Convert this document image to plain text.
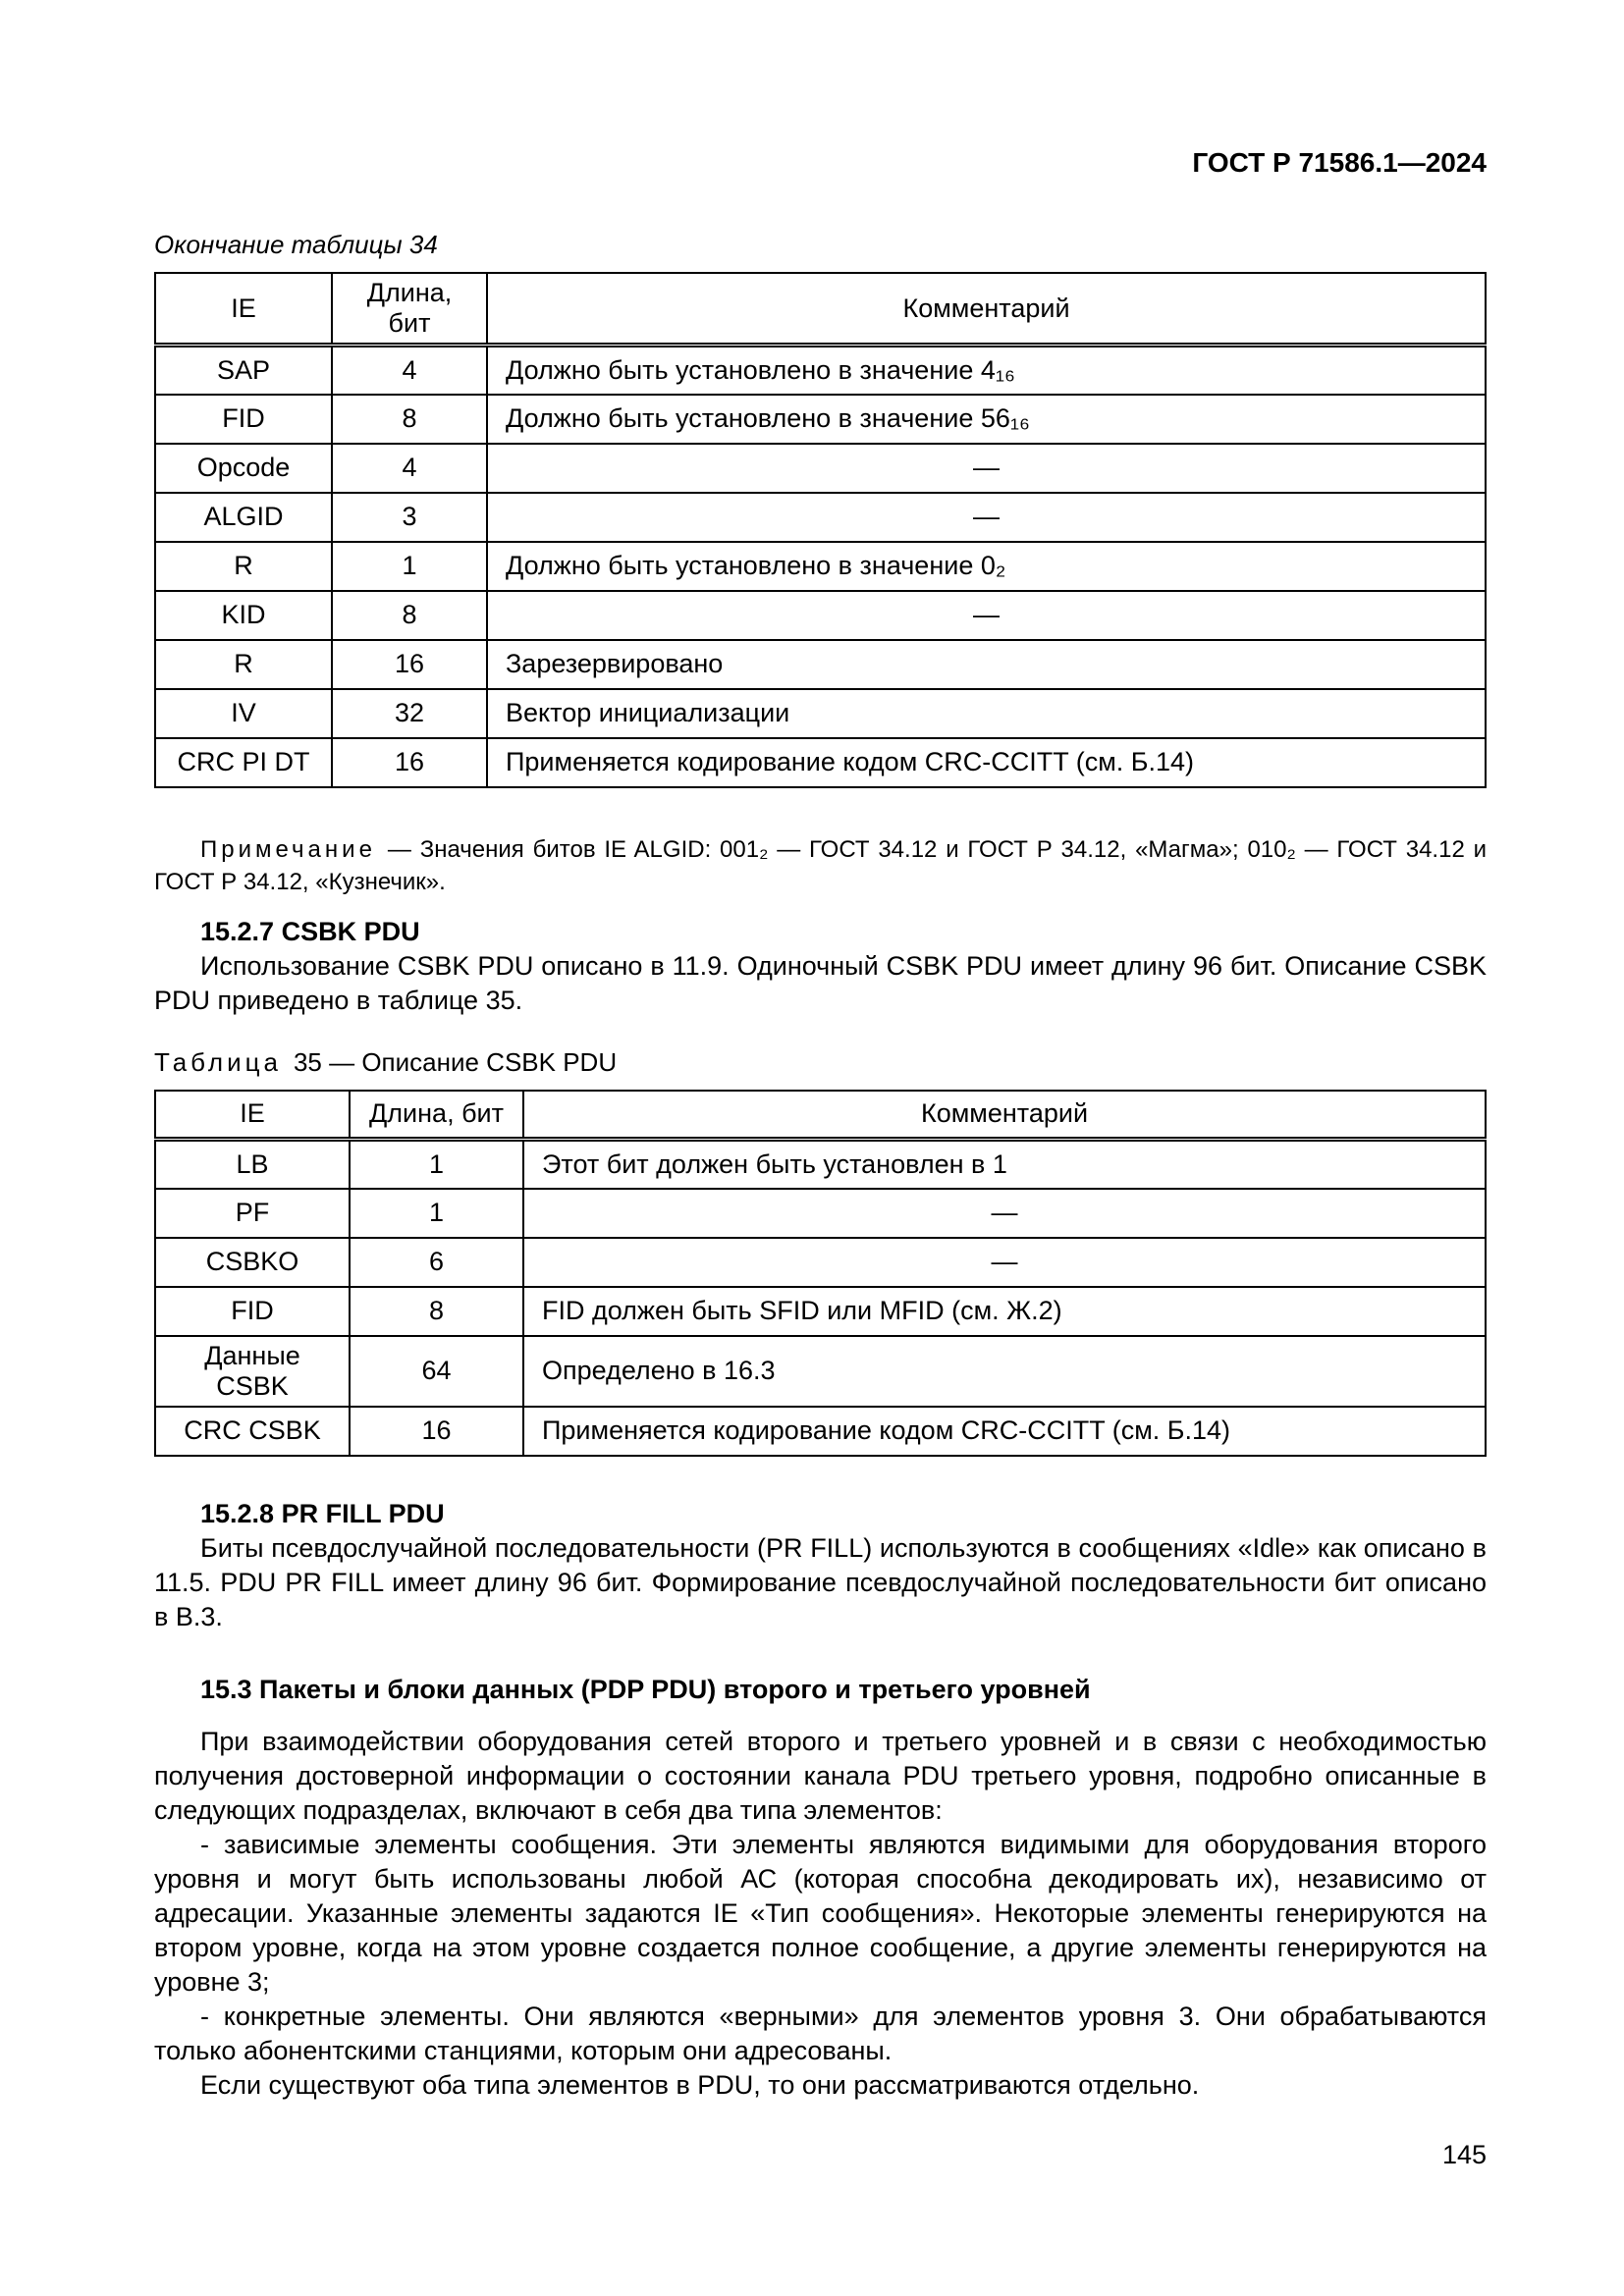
ГОСТ Р 71586.1—2024

Окончание таблицы 34

IE	Длина, бит	Комментарий
SAP	4	Должно быть установлено в значение 4₁₆
FID	8	Должно быть установлено в значение 56₁₆
Opcode	4	—
ALGID	3	—
R	1	Должно быть установлено в значение 0₂
KID	8	—
R	16	Зарезервировано
IV	32	Вектор инициализации
CRC PI DT	16	Применяется кодирование кодом CRC-CCITT (см. Б.14)

Примечание — Значения битов IE ALGID: 001₂ — ГОСТ 34.12 и ГОСТ Р 34.12, «Магма»; 010₂ — ГОСТ 34.12 и ГОСТ Р 34.12, «Кузнечик».

15.2.7 CSBK PDU

Использование CSBK PDU описано в 11.9. Одиночный CSBK PDU имеет длину 96 бит. Описание CSBK PDU приведено в таблице 35.

Таблица 35 — Описание CSBK PDU

IE	Длина, бит	Комментарий
LB	1	Этот бит должен быть установлен в 1
PF	1	—
CSBKO	6	—
FID	8	FID должен быть SFID или MFID (см. Ж.2)
Данные CSBK	64	Определено в 16.3
CRC CSBK	16	Применяется кодирование кодом CRC-CCITT (см. Б.14)

15.2.8 PR FILL PDU

Биты псевдослучайной последовательности (PR FILL) используются в сообщениях «Idle» как описано в 11.5. PDU PR FILL имеет длину 96 бит. Формирование псевдослучайной последовательности бит описано в В.3.

15.3 Пакеты и блоки данных (PDP PDU) второго и третьего уровней

При взаимодействии оборудования сетей второго и третьего уровней и в связи с необходимостью получения достоверной информации о состоянии канала PDU третьего уровня, подробно описанные в следующих подразделах, включают в себя два типа элементов:

- зависимые элементы сообщения. Эти элементы являются видимыми для оборудования второго уровня и могут быть использованы любой АС (которая способна декодировать их), независимо от адресации. Указанные элементы задаются IE «Тип сообщения». Некоторые элементы генерируются на втором уровне, когда на этом уровне создается полное сообщение, а другие элементы генерируются на уровне 3;

- конкретные элементы. Они являются «верными» для элементов уровня 3. Они обрабатываются только абонентскими станциями, которым они адресованы.

Если существуют оба типа элементов в PDU, то они рассматриваются отдельно.

145
